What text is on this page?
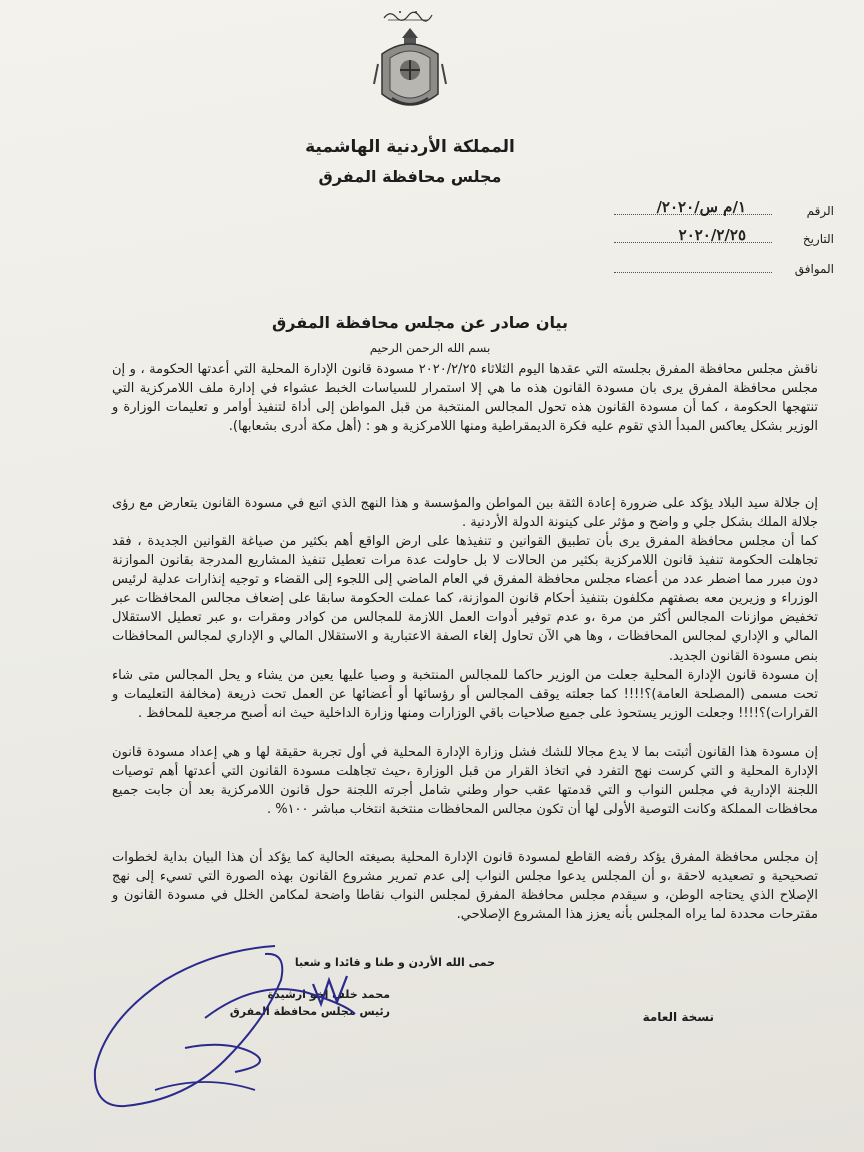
المملكة الأردنية الهاشمية
مجلس محافظة المفرق
الرقم
١/م س/٢٠٢٠/
التاريخ
٢٠٢٠/٢/٢٥
الموافق
بيان صادر عن مجلس محافظة المفرق
بسم الله الرحمن الرحيم
ناقش مجلس محافظة المفرق بجلسته التي عقدها اليوم الثلاثاء ٢٠٢٠/٢/٢٥ مسودة قانون الإدارة المحلية التي أعدتها الحكومة ، و إن مجلس محافظة المفرق يرى بان مسودة القانون هذه ما هي إلا استمرار للسياسات الخبط عشواء في إدارة ملف اللامركزية التي تنتهجها الحكومة ، كما أن مسودة القانون هذه تحول المجالس المنتخبة من قبل المواطن إلى أداة لتنفيذ أوامر و تعليمات الوزارة و الوزير بشكل يعاكس المبدأ الذي تقوم عليه فكرة الديمقراطية ومنها اللامركزية و هو : (أهل مكة أدرى بشعابها).
إن جلالة سيد البلاد يؤكد على ضرورة إعادة الثقة بين المواطن والمؤسسة و هذا النهج الذي اتبع في مسودة القانون يتعارض مع رؤى جلالة الملك بشكل جلي و واضح و مؤثر على كينونة الدولة الأردنية .
كما أن مجلس محافظة المفرق يرى بأن تطبيق القوانين و تنفيذها على ارض الواقع أهم بكثير من صياغة القوانين الجديدة ، فقد تجاهلت الحكومة تنفيذ قانون اللامركزية بكثير من الحالات لا بل حاولت عدة مرات تعطيل تنفيذ المشاريع المدرجة بقانون الموازنة دون مبرر مما اضطر عدد من أعضاء مجلس محافظة المفرق في العام الماضي إلى اللجوء إلى القضاء و توجيه إنذارات عدلية لرئيس الوزراء و وزيرين معه بصفتهم مكلفون بتنفيذ أحكام قانون الموازنة، كما عملت الحكومة سابقا على إضعاف مجالس المحافظات عبر تخفيض موازنات المجالس أكثر من مرة ،و عدم توفير أدوات العمل اللازمة للمجالس من كوادر ومقرات ،و عبر تعطيل الاستقلال المالي و الإداري لمجالس المحافظات ، وها هي الآن تحاول إلغاء الصفة الاعتبارية و الاستقلال المالي و الإداري لمجالس المحافظات بنص مسودة القانون الجديد.
إن مسودة قانون الإدارة المحلية جعلت من الوزير حاكما للمجالس المنتخبة و وصيا عليها يعين من يشاء و يحل المجالس متى شاء تحت مسمى (المصلحة العامة)؟!!!! كما جعلته يوقف المجالس أو رؤسائها أو أعضائها عن العمل تحت ذريعة (مخالفة التعليمات و القرارات)؟!!!! وجعلت الوزير يستحوذ على جميع صلاحيات باقي الوزارات ومنها وزارة الداخلية حيث انه أصبح مرجعية للمحافظ .
إن مسودة هذا القانون أثبتت بما لا يدع مجالا للشك فشل وزارة الإدارة المحلية في أول تجربة حقيقة لها و هي إعداد مسودة قانون الإدارة المحلية و التي كرست نهج التفرد في اتخاذ القرار من قبل الوزارة ،حيث تجاهلت مسودة القانون التي أعدتها أهم توصيات اللجنة الإدارية في مجلس النواب و التي قدمتها عقب حوار وطني شامل أجرته اللجنة حول قانون اللامركزية بعد أن جابت جميع محافظات المملكة وكانت التوصية الأولى لها أن تكون مجالس المحافظات منتخبة انتخاب مباشر ١٠٠% .
إن مجلس محافظة المفرق يؤكد رفضه القاطع لمسودة قانون الإدارة المحلية بصيغته الحالية كما يؤكد أن هذا البيان بداية لخطوات تصحيحية و تصعيديه لاحقة ،و أن المجلس يدعوا مجلس النواب إلى عدم تمرير مشروع القانون بهذه الصورة التي تسيء إلى نهج الإصلاح الذي يحتاجه الوطن، و سيقدم مجلس محافظة المفرق لمجلس النواب نقاطا واضحة لمكامن الخلل في مسودة القانون و مقترحات محددة لما يراه المجلس بأنه يعزز هذا المشروع الإصلاحي.
حمى الله الأردن و طنا و قائدا و شعبا
محمد خلف اخو ارشيدة
رئيس مجلس محافظة المفرق	نسخة العامة
